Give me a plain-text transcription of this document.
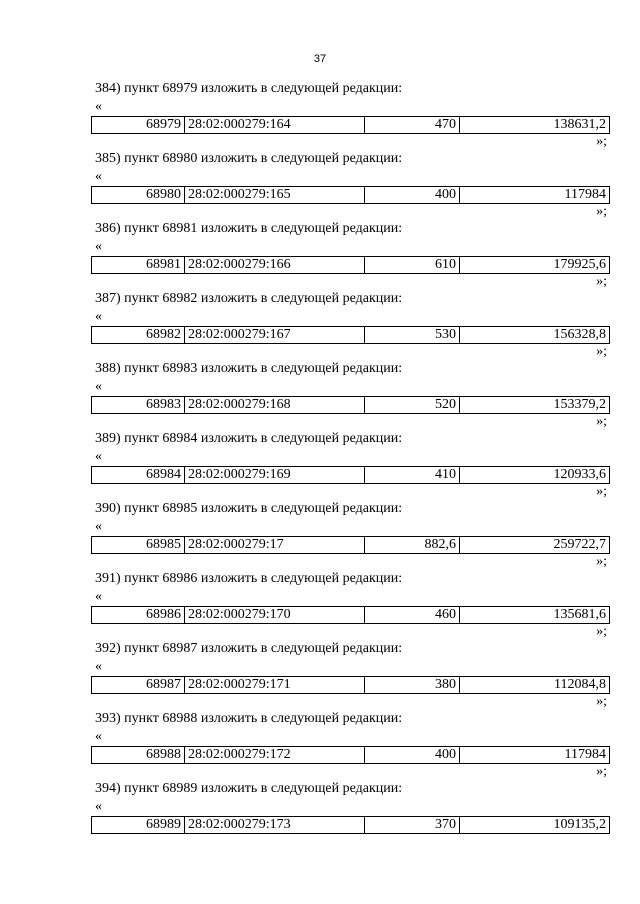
37
384) пункт 68979 изложить в следующей редакции:
«
68979 28:02:000279:164	470	138631,2
»;
385) пункт 68980 изложить в следующей редакции:
«
68980 28:02:000279:165	400	117984
»;
386) пункт 68981 изложить в следующей редакции:
«
68981 28:02:000279:166	610	179925,6
»;
387) пункт 68982 изложить в следующей редакции:
«
68982 28:02:000279:167	530	156328,8
»;
388) пункт 68983 изложить в следующей редакции:
«
68983 28:02:000279:168	520	153379,2
»;
389) пункт 68984 изложить в следующей редакции:
«
68984 28:02:000279:169	410	120933,6
»;
390) пункт 68985 изложить в следующей редакции:
«
68985 28:02:000279:17	882,6	259722,7
»;
391) пункт 68986 изложить в следующей редакции:
«
68986 28:02:000279:170	460	135681,6
»;
392) пункт 68987 изложить в следующей редакции:
«
68987 28:02:000279:171	380	112084,8
»;
393) пункт 68988 изложить в следующей редакции:
«
68988 28:02:000279:172	400	117984
»;
394) пункт 68989 изложить в следующей редакции:
«
68989 28:02:000279:173	370	109135,2
